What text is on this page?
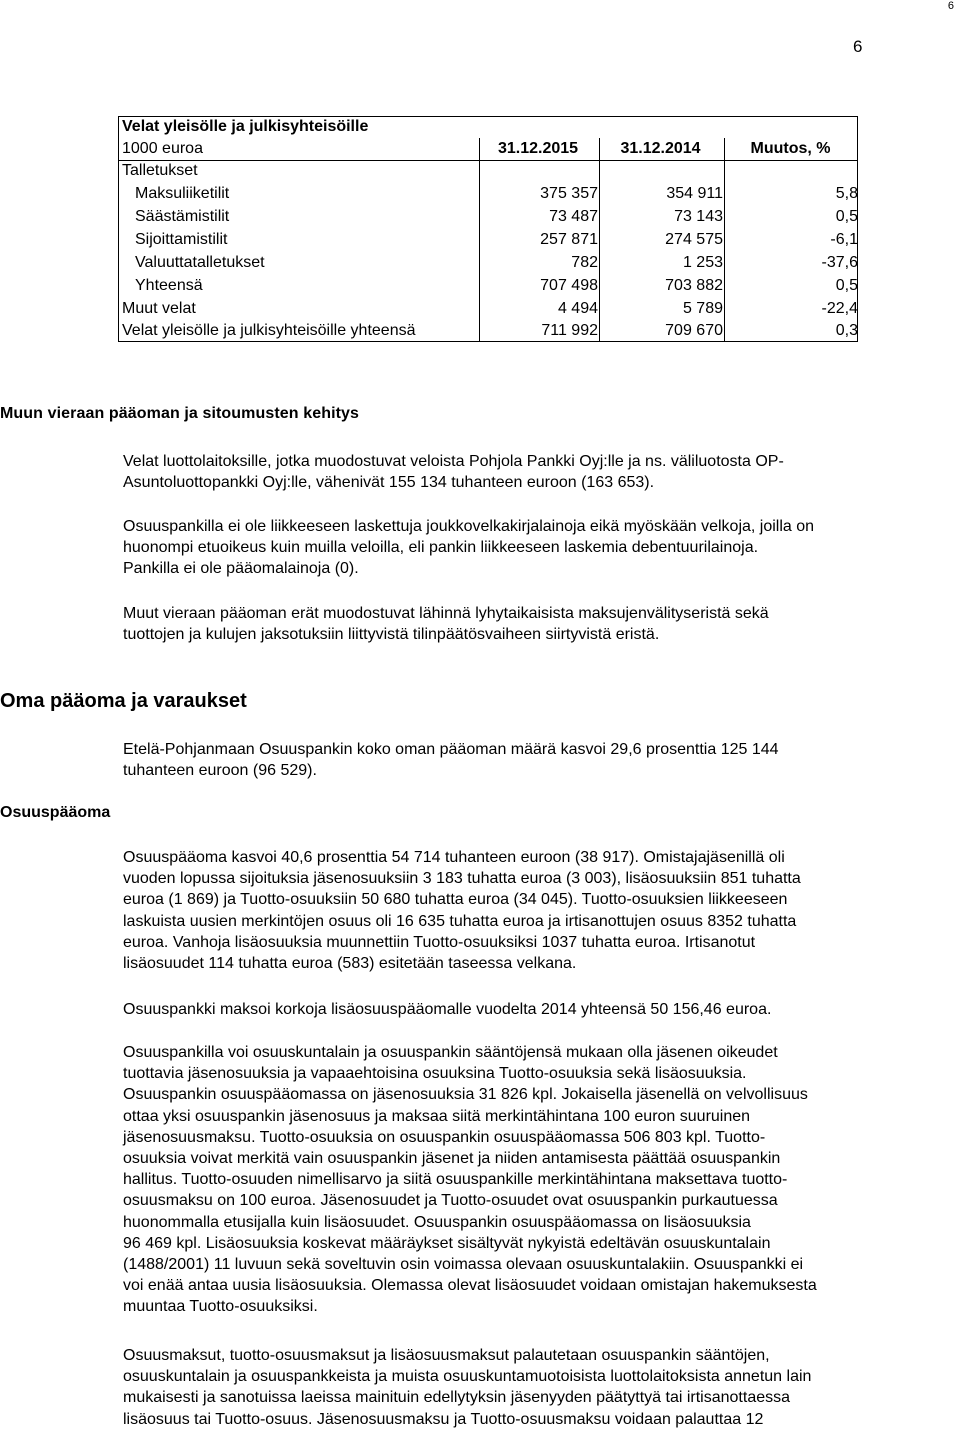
6
6
Velat yleisölle ja julkisyhteisöille
1000 euroa	31.12.2015	31.12.2014	Muutos, %
Talletukset
Maksuliiketilit	375 357	354 911	5,8
Säästämistilit	73 487	73 143	0,5
Sijoittamistilit	257 871	274 575	-6,1
Valuuttatalletukset	782	1 253	-37,6
Yhteensä	707 498	703 882	0,5
Muut velat	4 494	5 789	-22,4
Velat yleisölle ja julkisyhteisöille yhteensä	711 992	709 670	0,3
Muun vieraan pääoman ja sitoumusten kehitys

Velat luottolaitoksille, jotka muodostuvat veloista Pohjola Pankki Oyj:lle ja ns. väliluotosta OP-
Asuntoluottopankki Oyj:lle, vähenivät 155 134 tuhanteen euroon (163 653).

Osuuspankilla ei ole liikkeeseen laskettuja joukkovelkakirjalainoja eikä myöskään velkoja, joilla on
huonompi etuoikeus kuin muilla veloilla, eli pankin liikkeeseen laskemia debentuurilainoja.
Pankilla ei ole pääomalainoja (0).

Muut vieraan pääoman erät muodostuvat lähinnä lyhytaikaisista maksujenvälityseristä sekä
tuottojen ja kulujen jaksotuksiin liittyvistä tilinpäätösvaiheen siirtyvistä eristä.

Oma pääoma ja varaukset

Etelä-Pohjanmaan Osuuspankin koko oman pääoman määrä kasvoi 29,6 prosenttia 125 144
tuhanteen euroon (96 529).

Osuuspääoma

Osuuspääoma kasvoi 40,6 prosenttia 54 714 tuhanteen euroon (38 917). Omistajajäsenillä oli
vuoden lopussa sijoituksia jäsenosuuksiin 3 183 tuhatta euroa (3 003), lisäosuuksiin 851 tuhatta
euroa (1 869) ja Tuotto-osuuksiin 50 680 tuhatta euroa (34 045). Tuotto-osuuksien liikkeeseen
laskuista uusien merkintöjen osuus oli 16 635 tuhatta euroa ja irtisanottujen osuus 8352 tuhatta
euroa. Vanhoja lisäosuuksia muunnettiin Tuotto-osuuksiksi 1037 tuhatta euroa. Irtisanotut
lisäosuudet 114 tuhatta euroa (583) esitetään taseessa velkana.

Osuuspankki maksoi korkoja lisäosuuspääomalle vuodelta 2014 yhteensä 50 156,46 euroa.

Osuuspankilla voi osuuskuntalain ja osuuspankin sääntöjensä mukaan olla jäsenen oikeudet
tuottavia jäsenosuuksia ja vapaaehtoisina osuuksina Tuotto-osuuksia sekä lisäosuuksia.
Osuuspankin osuuspääomassa on jäsenosuuksia 31 826 kpl. Jokaisella jäsenellä on velvollisuus
ottaa yksi osuuspankin jäsenosuus ja maksaa siitä merkintähintana 100 euron suuruinen
jäsenosuusmaksu. Tuotto-osuuksia on osuuspankin osuuspääomassa 506 803 kpl. Tuotto-
osuuksia voivat merkitä vain osuuspankin jäsenet ja niiden antamisesta päättää osuuspankin
hallitus. Tuotto-osuuden nimellisarvo ja siitä osuuspankille merkintähintana maksettava tuotto-
osuusmaksu on 100 euroa. Jäsenosuudet ja Tuotto-osuudet ovat osuuspankin purkautuessa
huonommalla etusijalla kuin lisäosuudet. Osuuspankin osuuspääomassa on lisäosuuksia
96 469 kpl. Lisäosuuksia koskevat määräykset sisältyvät nykyistä edeltävän osuuskuntalain
(1488/2001) 11 luvuun sekä soveltuvin osin voimassa olevaan osuuskuntalakiin. Osuuspankki ei
voi enää antaa uusia lisäosuuksia. Olemassa olevat lisäosuudet voidaan omistajan hakemuksesta
muuntaa Tuotto-osuuksiksi.

Osuusmaksut, tuotto-osuusmaksut ja lisäosuusmaksut palautetaan osuuspankin sääntöjen,
osuuskuntalain ja osuuspankkeista ja muista osuuskuntamuotoisista luottolaitoksista annetun lain
mukaisesti ja sanotuissa laeissa mainituin edellytyksin jäsenyyden päätyttyä tai irtisanottaessa
lisäosuus tai Tuotto-osuus. Jäsenosuusmaksu ja Tuotto-osuusmaksu voidaan palauttaa 12
